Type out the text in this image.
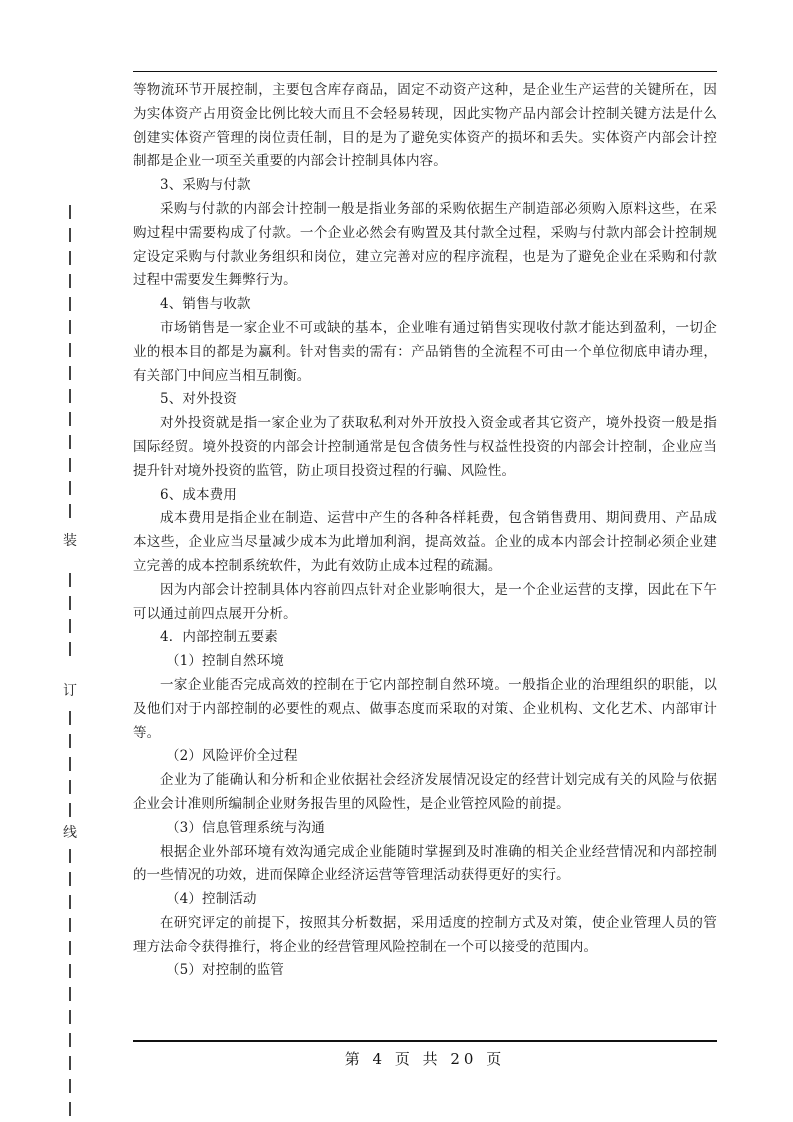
装
订
线

等物流环节开展控制，主要包含库存商品，固定不动资产这种，是企业生产运营的关键所在，因为实体资产占用资金比例比较大而且不会轻易转现，因此实物产品内部会计控制关键方法是什么创建实体资产管理的岗位责任制，目的是为了避免实体资产的损坏和丢失。实体资产内部会计控制都是企业一项至关重要的内部会计控制具体内容。

3、采购与付款

采购与付款的内部会计控制一般是指业务部的采购依据生产制造部必须购入原料这些，在采购过程中需要构成了付款。一个企业必然会有购置及其付款全过程，采购与付款内部会计控制规定设定采购与付款业务组织和岗位，建立完善对应的程序流程，也是为了避免企业在采购和付款过程中需要发生舞弊行为。

4、销售与收款

市场销售是一家企业不可或缺的基本，企业唯有通过销售实现收付款才能达到盈利，一切企业的根本目的都是为赢利。针对售卖的需有：产品销售的全流程不可由一个单位彻底申请办理，有关部门中间应当相互制衡。

5、对外投资

对外投资就是指一家企业为了获取私利对外开放投入资金或者其它资产，境外投资一般是指国际经贸。境外投资的内部会计控制通常是包含债务性与权益性投资的内部会计控制，企业应当提升针对境外投资的监管，防止项目投资过程的行骗、风险性。

6、成本费用

成本费用是指企业在制造、运营中产生的各种各样耗费，包含销售费用、期间费用、产品成本这些，企业应当尽量减少成本为此增加利润，提高效益。企业的成本内部会计控制必须企业建立完善的成本控制系统软件，为此有效防止成本过程的疏漏。

因为内部会计控制具体内容前四点针对企业影响很大，是一个企业运营的支撑，因此在下午可以通过前四点展开分析。

4．内部控制五要素

（1）控制自然环境

一家企业能否完成高效的控制在于它内部控制自然环境。一般指企业的治理组织的职能，以及他们对于内部控制的必要性的观点、做事态度而采取的对策、企业机构、文化艺术、内部审计等。

（2）风险评价全过程

企业为了能确认和分析和企业依据社会经济发展情况设定的经营计划完成有关的风险与依据企业会计准则所编制企业财务报告里的风险性，是企业管控风险的前提。

（3）信息管理系统与沟通

根据企业外部环境有效沟通完成企业能随时掌握到及时准确的相关企业经营情况和内部控制的一些情况的功效，进而保障企业经济运营等管理活动获得更好的实行。

（4）控制活动

在研究评定的前提下，按照其分析数据，采用适度的控制方式及对策，使企业管理人员的管理方法命令获得推行，将企业的经营管理风险控制在一个可以接受的范围内。

（5）对控制的监管

第 4 页 共 20 页
